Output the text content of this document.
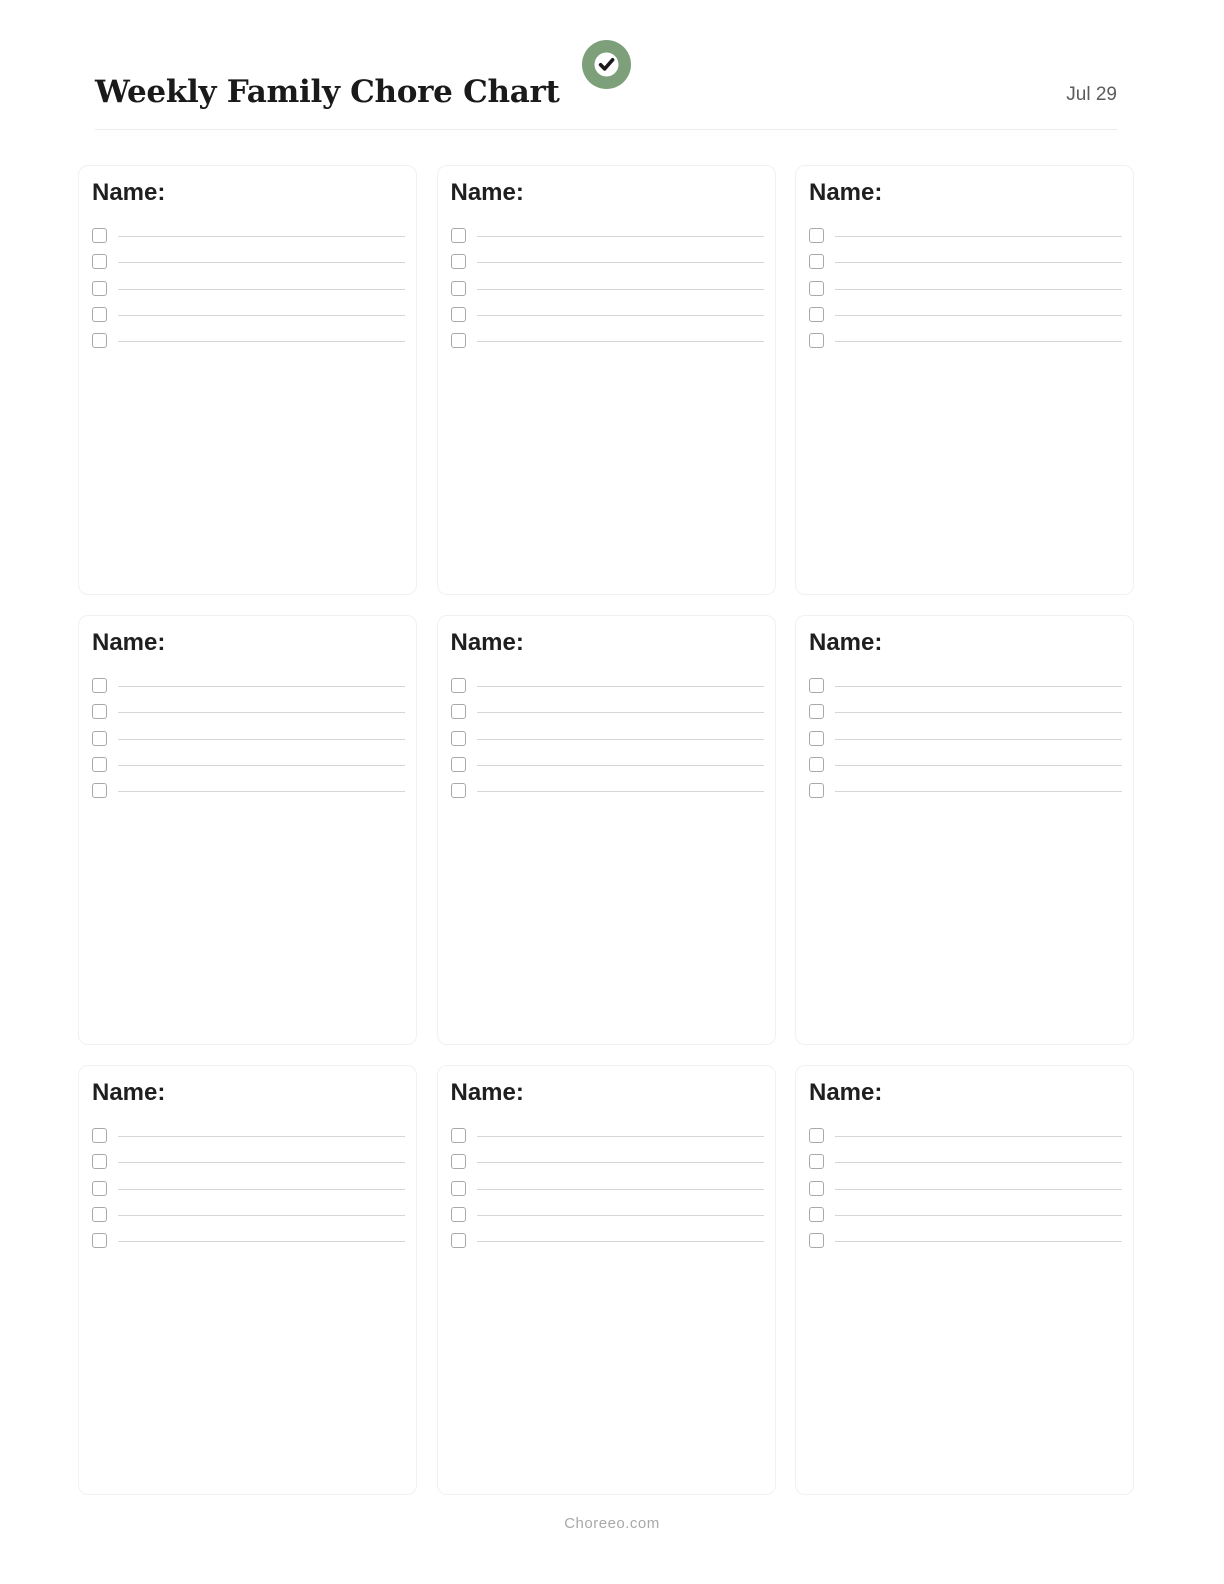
Weekly Family Chore Chart	Jul 29
Name:	Name:	Name:
Name:	Name:	Name:
Name:	Name:	Name:
Choreeo.com
